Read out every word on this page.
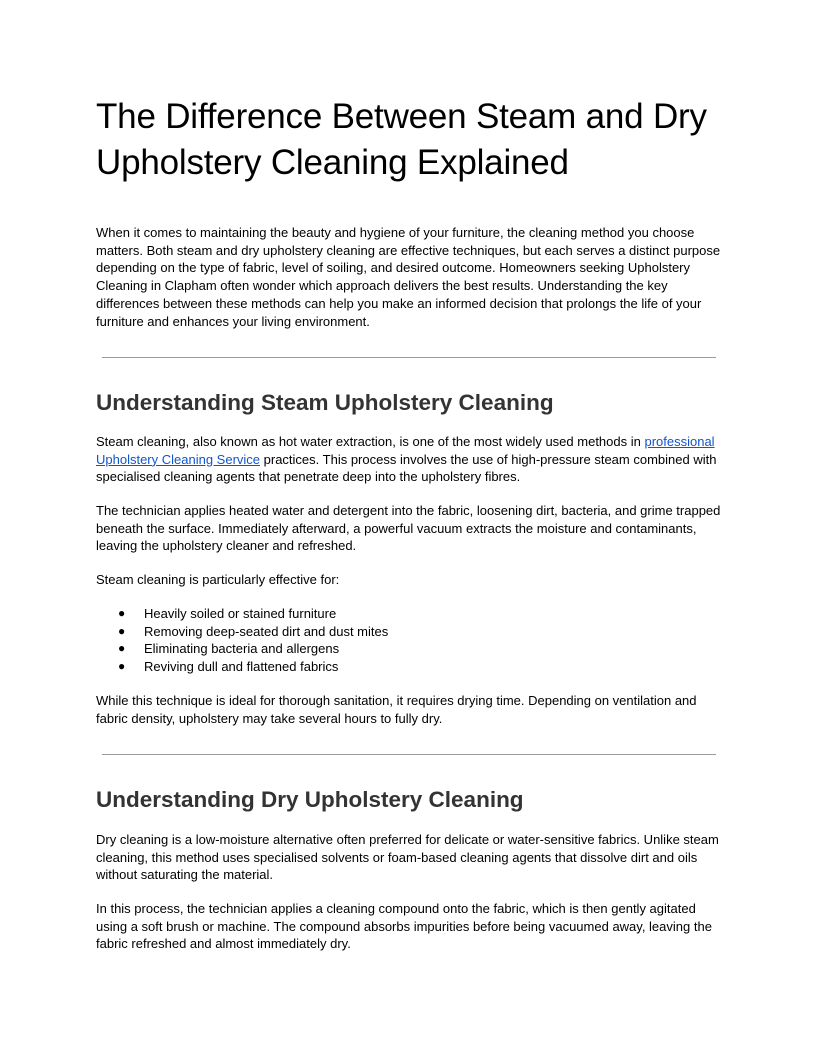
The Difference Between Steam and Dry Upholstery Cleaning Explained

When it comes to maintaining the beauty and hygiene of your furniture, the cleaning method you choose matters. Both steam and dry upholstery cleaning are effective techniques, but each serves a distinct purpose depending on the type of fabric, level of soiling, and desired outcome. Homeowners seeking Upholstery Cleaning in Clapham often wonder which approach delivers the best results. Understanding the key differences between these methods can help you make an informed decision that prolongs the life of your furniture and enhances your living environment.

Understanding Steam Upholstery Cleaning

Steam cleaning, also known as hot water extraction, is one of the most widely used methods in professional Upholstery Cleaning Service practices. This process involves the use of high-pressure steam combined with specialised cleaning agents that penetrate deep into the upholstery fibres.

The technician applies heated water and detergent into the fabric, loosening dirt, bacteria, and grime trapped beneath the surface. Immediately afterward, a powerful vacuum extracts the moisture and contaminants, leaving the upholstery cleaner and refreshed.

Steam cleaning is particularly effective for:

● Heavily soiled or stained furniture
● Removing deep-seated dirt and dust mites
● Eliminating bacteria and allergens
● Reviving dull and flattened fabrics

While this technique is ideal for thorough sanitation, it requires drying time. Depending on ventilation and fabric density, upholstery may take several hours to fully dry.

Understanding Dry Upholstery Cleaning

Dry cleaning is a low-moisture alternative often preferred for delicate or water-sensitive fabrics. Unlike steam cleaning, this method uses specialised solvents or foam-based cleaning agents that dissolve dirt and oils without saturating the material.

In this process, the technician applies a cleaning compound onto the fabric, which is then gently agitated using a soft brush or machine. The compound absorbs impurities before being vacuumed away, leaving the fabric refreshed and almost immediately dry.
